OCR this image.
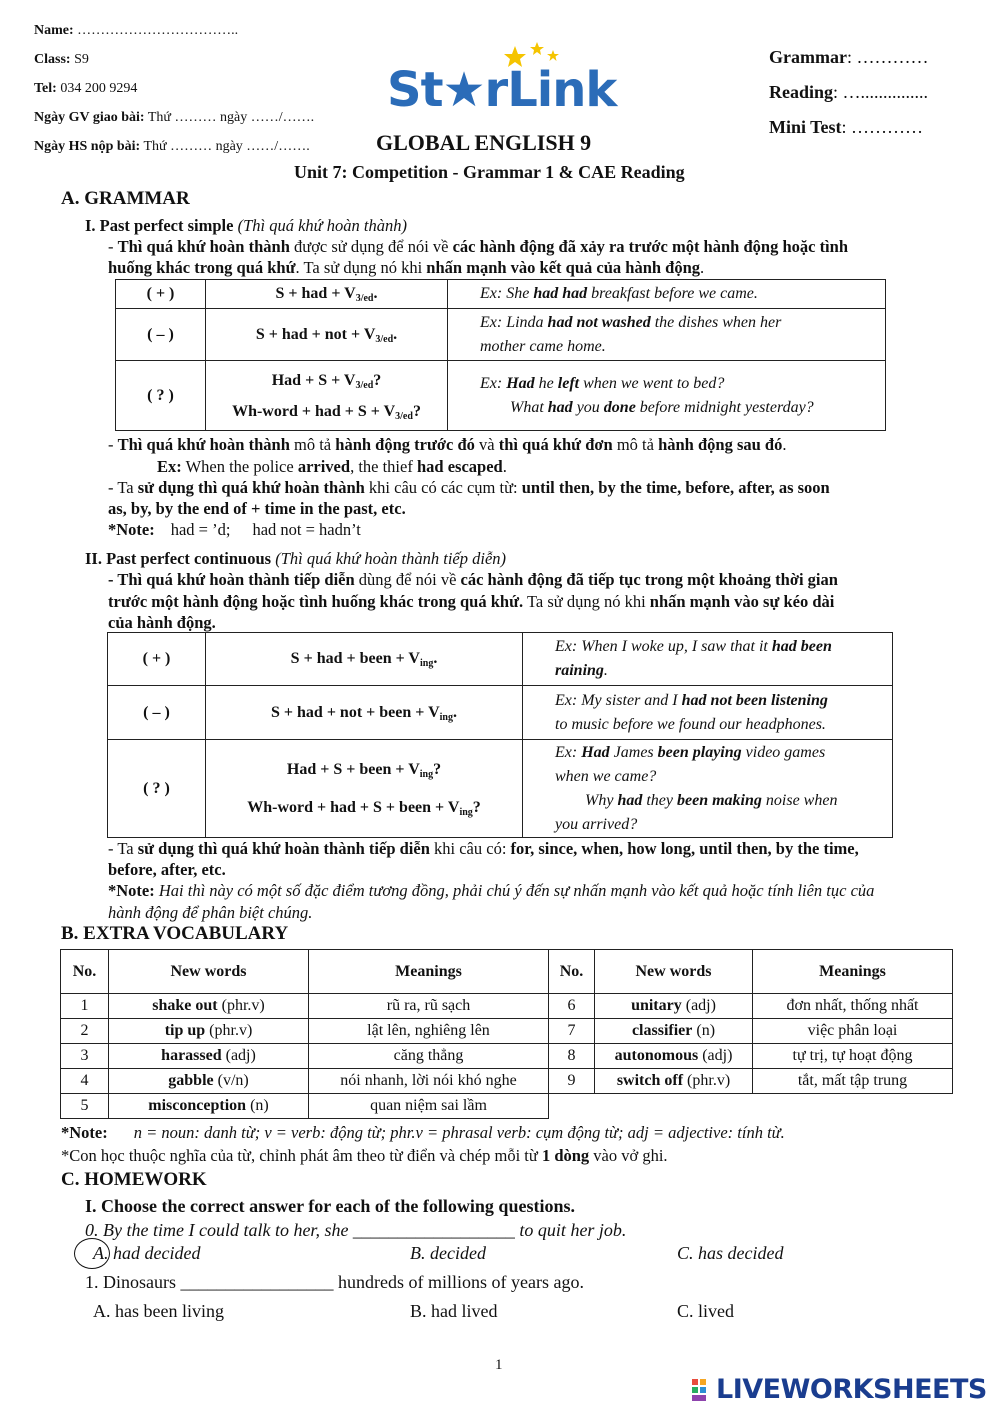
Name: ……………………………..
Class: S9
Tel: 034 200 9294
Ngày GV giao bài: Thứ ……… ngày ……/…….
Ngày HS nộp bài: Thứ ……… ngày ……/…….
St★rLink
GLOBAL ENGLISH 9
Unit 7: Competition - Grammar 1 & CAE Reading
Grammar: …………
Reading: …...............
Mini Test: …………
A. GRAMMAR
I. Past perfect simple (Thì quá khứ hoàn thành)
- Thì quá khứ hoàn thành được sử dụng để nói về các hành động đã xảy ra trước một hành động hoặc tình
huống khác trong quá khứ. Ta sử dụng nó khi nhấn mạnh vào kết quả của hành động.
( + )	S + had + $V_{3/ed}$.	Ex: She had had breakfast before we came.
( – )	S + had + not + $V_{3/ed}$.	Ex: Linda had not washed the dishes when her
mother came home.
( ? )	Had + $S + V_{3/ed}$?
Wh-word + had + $S + V_{3/ed}$?	Ex: Had he left when we went to bed?
What had you done before midnight yesterday?
- Thì quá khứ hoàn thành mô tả hành động trước đó và thì quá khứ đơn mô tả hành động sau đó.
Ex: When the police arrived, the thief had escaped.
- Ta sử dụng thì quá khứ hoàn thành khi câu có các cụm từ: until then, by the time, before, after, as soon
as, by, by the end of + time in the past, etc.
*Note: had = ’d; had not = hadn’t
II. Past perfect continuous (Thì quá khứ hoàn thành tiếp diễn)
- Thì quá khứ hoàn thành tiếp diễn dùng để nói về các hành động đã tiếp tục trong một khoảng thời gian
trước một hành động hoặc tình huống khác trong quá khứ. Ta sử dụng nó khi nhấn mạnh vào sự kéo dài
của hành động.
( + )	S + had + been + $V_{ing}$.	Ex: When I woke up, I saw that it had been
raining.
( – )	S + had + not + been + $V_{ing}$.	Ex: My sister and I had not been listening
to music before we found our headphones.
( ? )	Had + S + been + $V_{ing}$?
Wh-word + had + S + been + $V_{ing}$?	Ex: Had James been playing video games
when we came?
Why had they been making noise when
you arrived?
- Ta sử dụng thì quá khứ hoàn thành tiếp diễn khi câu có: for, since, when, how long, until then, by the time,
before, after, etc.
*Note: Hai thì này có một số đặc điểm tương đồng, phải chú ý đến sự nhấn mạnh vào kết quả hoặc tính liên tục của
hành động để phân biệt chúng.
B. EXTRA VOCABULARY
No.	New words	Meanings	No.	New words	Meanings
1	shake out (phr.v)	rũ ra, rũ sạch	6	unitary (adj)	đơn nhất, thống nhất
2	tip up (phr.v)	lật lên, nghiêng lên	7	classifier (n)	việc phân loại
3	harassed (adj)	căng thẳng	8	autonomous (adj)	tự trị, tự hoạt động
4	gabble (v/n)	nói nhanh, lời nói khó nghe	9	switch off (phr.v)	tắt, mất tập trung
5	misconception (n)	quan niệm sai lầm			
*Note: n = noun: danh từ; v = verb: động từ; phr.v = phrasal verb: cụm động từ; adj = adjective: tính từ.
*Con học thuộc nghĩa của từ, chỉnh phát âm theo từ điển và chép mỗi từ 1 dòng vào vở ghi.
C. HOMEWORK
I. Choose the correct answer for each of the following questions.
0. By the time I could talk to her, she __________________ to quit her job.
A. had decided	B. decided	C. has decided
1. Dinosaurs _________________ hundreds of millions of years ago.
A. has been living	B. had lived	C. lived
1
LIVEWORKSHEETS
